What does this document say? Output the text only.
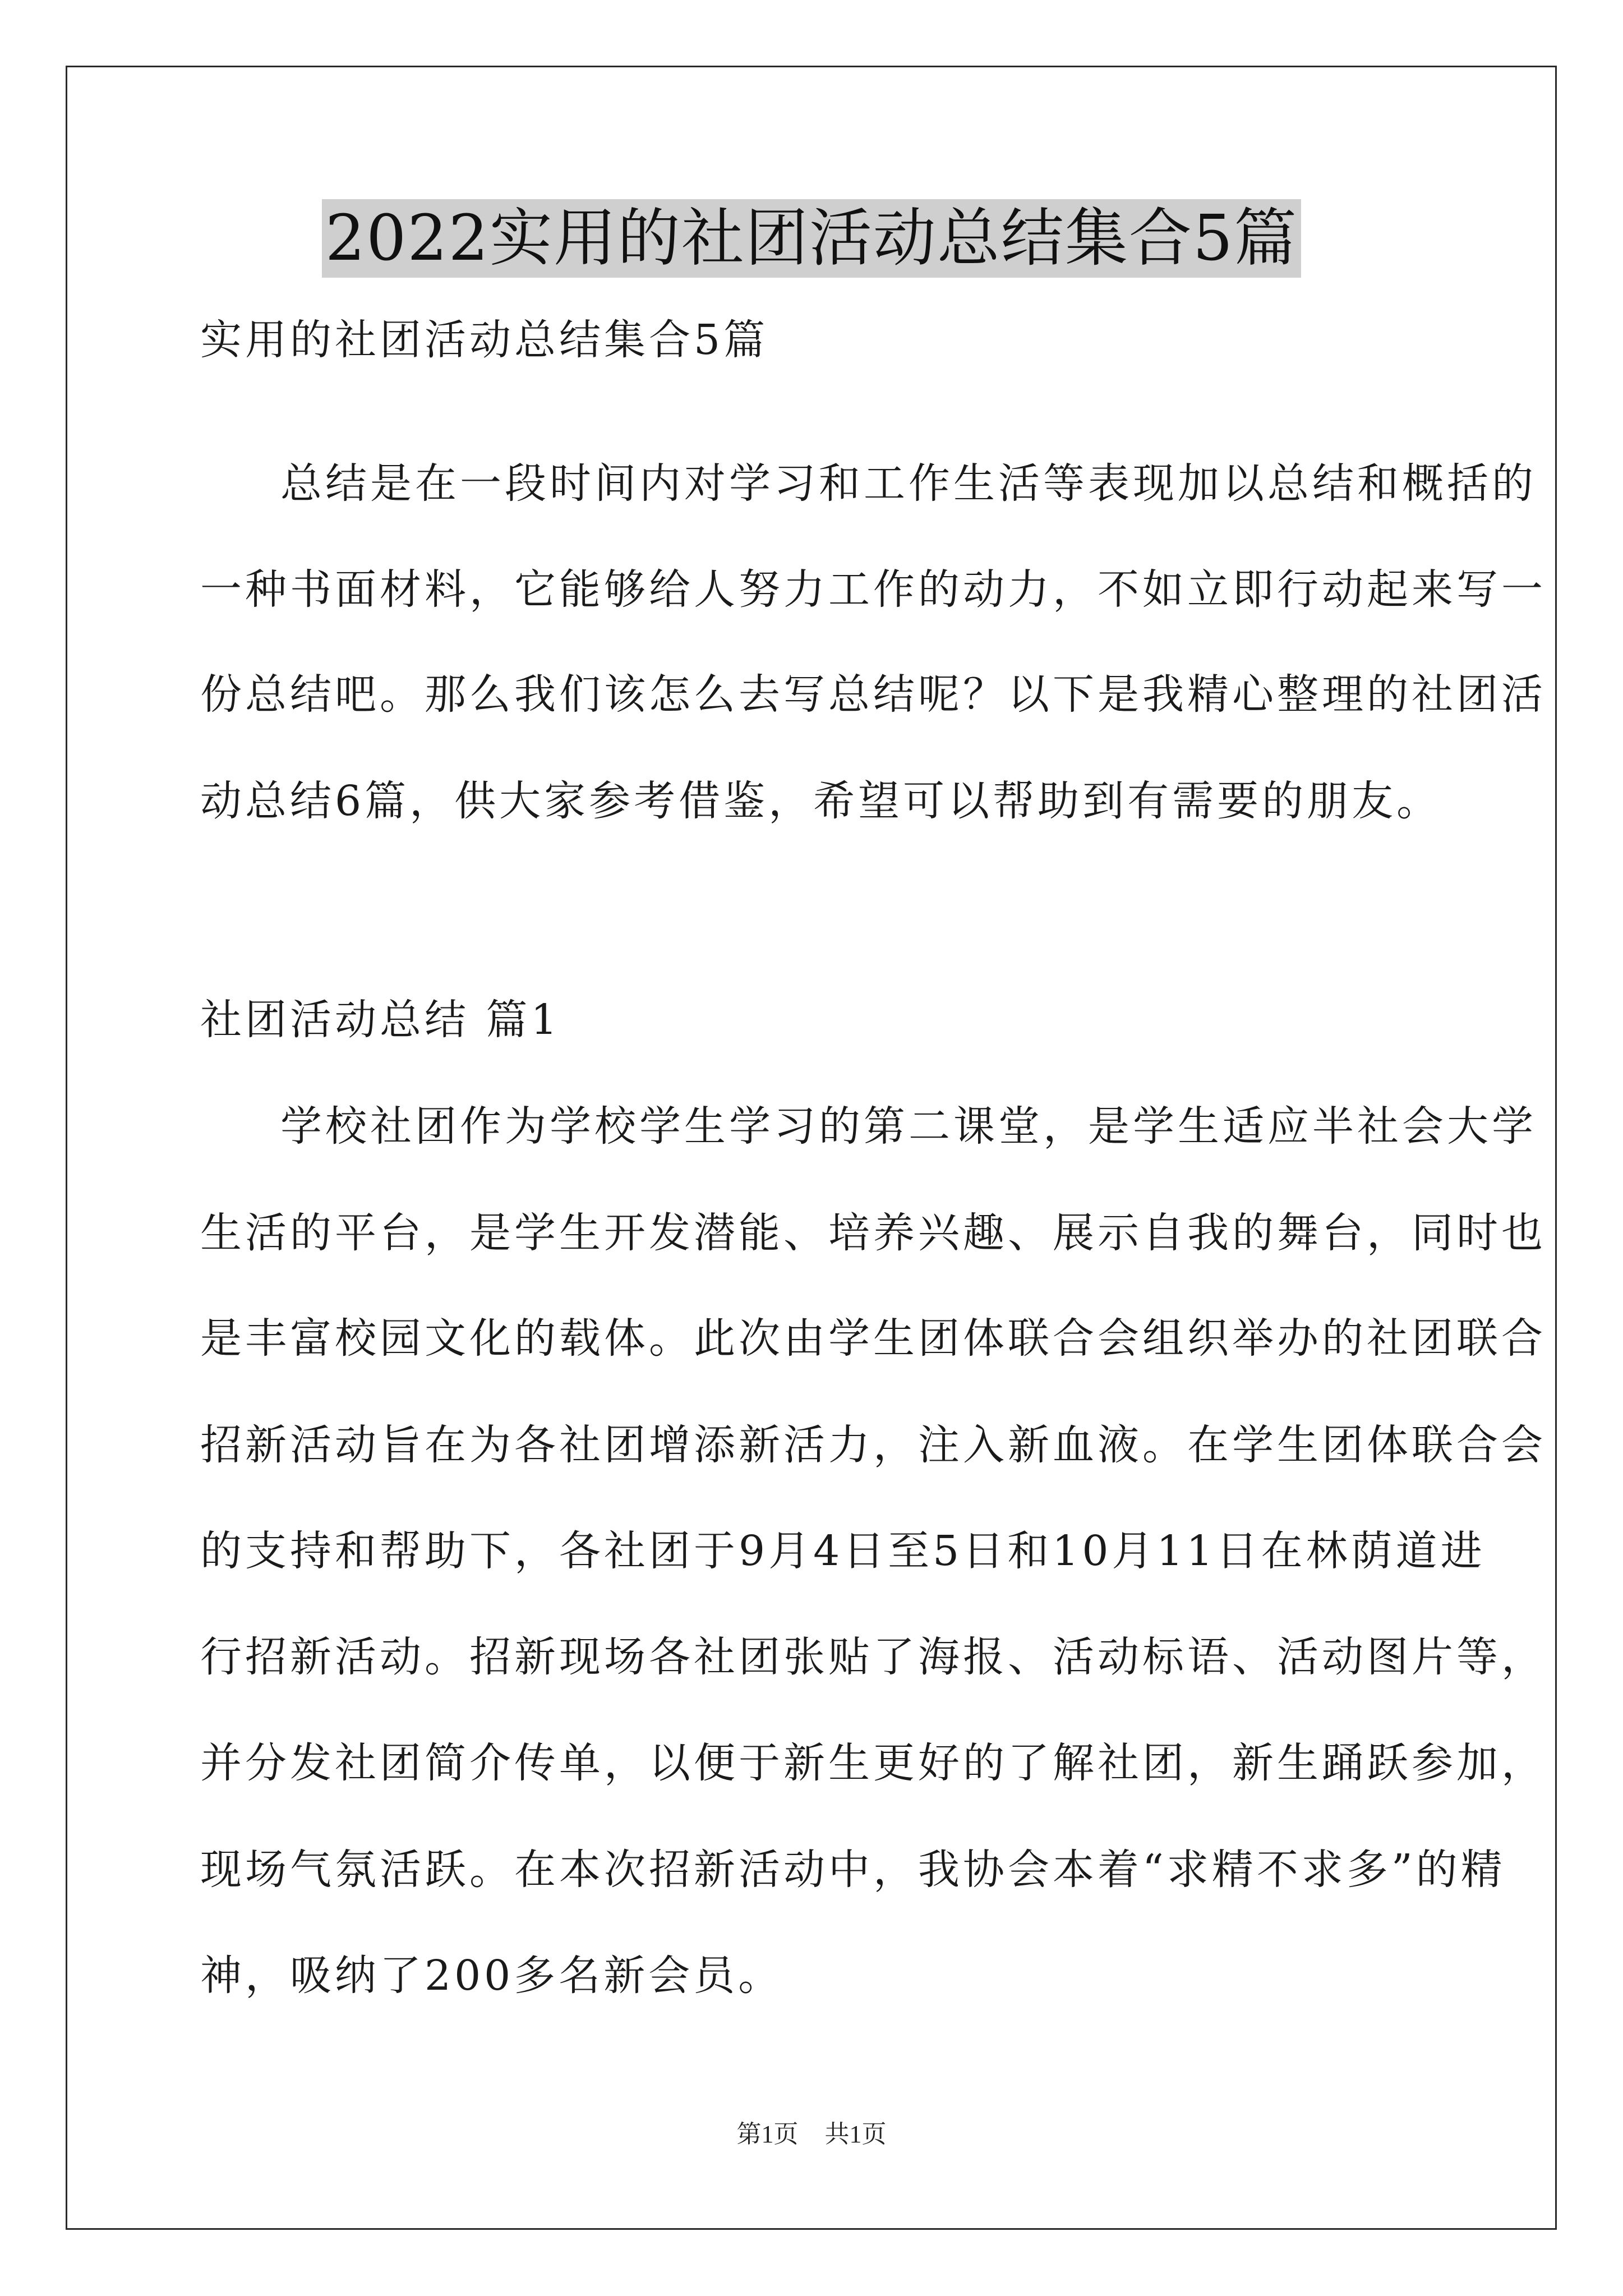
2022实用的社团活动总结集合5篇
实用的社团活动总结集合5篇
总结是在一段时间内对学习和工作生活等表现加以总结和概括的
一种书面材料，它能够给人努力工作的动力，不如立即行动起来写一
份总结吧。那么我们该怎么去写总结呢？以下是我精心整理的社团活
动总结6篇，供大家参考借鉴，希望可以帮助到有需要的朋友。
社团活动总结 篇1
学校社团作为学校学生学习的第二课堂，是学生适应半社会大学
生活的平台，是学生开发潜能、培养兴趣、展示自我的舞台，同时也
是丰富校园文化的载体。此次由学生团体联合会组织举办的社团联合
招新活动旨在为各社团增添新活力，注入新血液。在学生团体联合会
的支持和帮助下，各社团于9月4日至5日和10月11日在林荫道进
行招新活动。招新现场各社团张贴了海报、活动标语、活动图片等，
并分发社团简介传单，以便于新生更好的了解社团，新生踊跃参加，
现场气氛活跃。在本次招新活动中，我协会本着“求精不求多”的精
神，吸纳了200多名新会员。
第1页 共1页
